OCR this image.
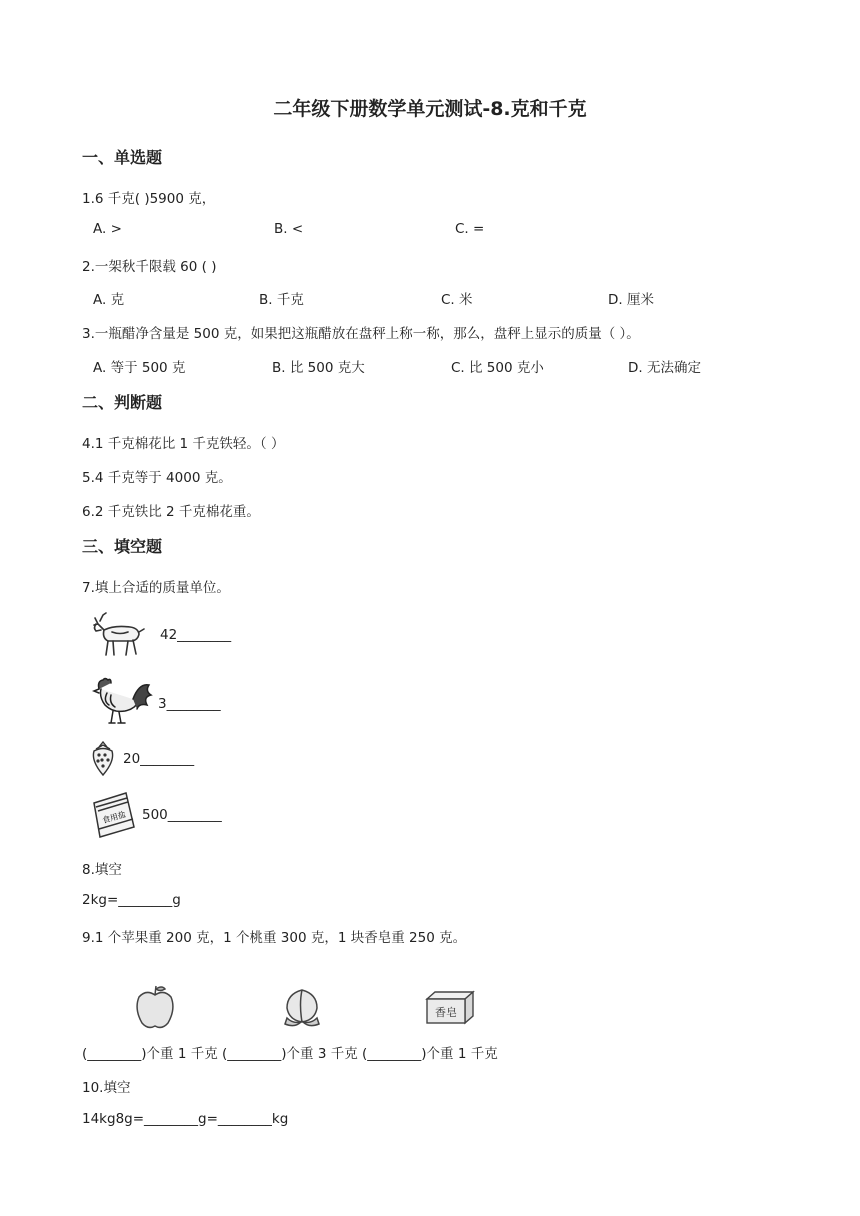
二年级下册数学单元测试-8.克和千克
一、单选题
1.6 千克( )5900 克，
A. >	B. <	C. =
2.一架秋千限载 60 ( )
A. 克	B. 千克	C. 米	D. 厘米
3.一瓶醋净含量是 500 克，如果把这瓶醋放在盘秤上称一称，那么，盘秤上显示的质量（ ）。
A. 等于 500 克	B. 比 500 克大	C. 比 500 克小	D. 无法确定
二、判断题
4.1 千克棉花比 1 千克铁轻。（ ）
5.4 千克等于 4000 克。
6.2 千克铁比 2 千克棉花重。
三、填空题
7.填上合适的质量单位。
42________
3________
20________
食用盐 500________
8.填空
2kg=________g
9.1 个苹果重 200 克，1 个桃重 300 克，1 块香皂重 250 克。
香皂
(________)个重 1 千克 (________)个重 3 千克 (________)个重 1 千克
10.填空
14kg8g=________g=________kg
